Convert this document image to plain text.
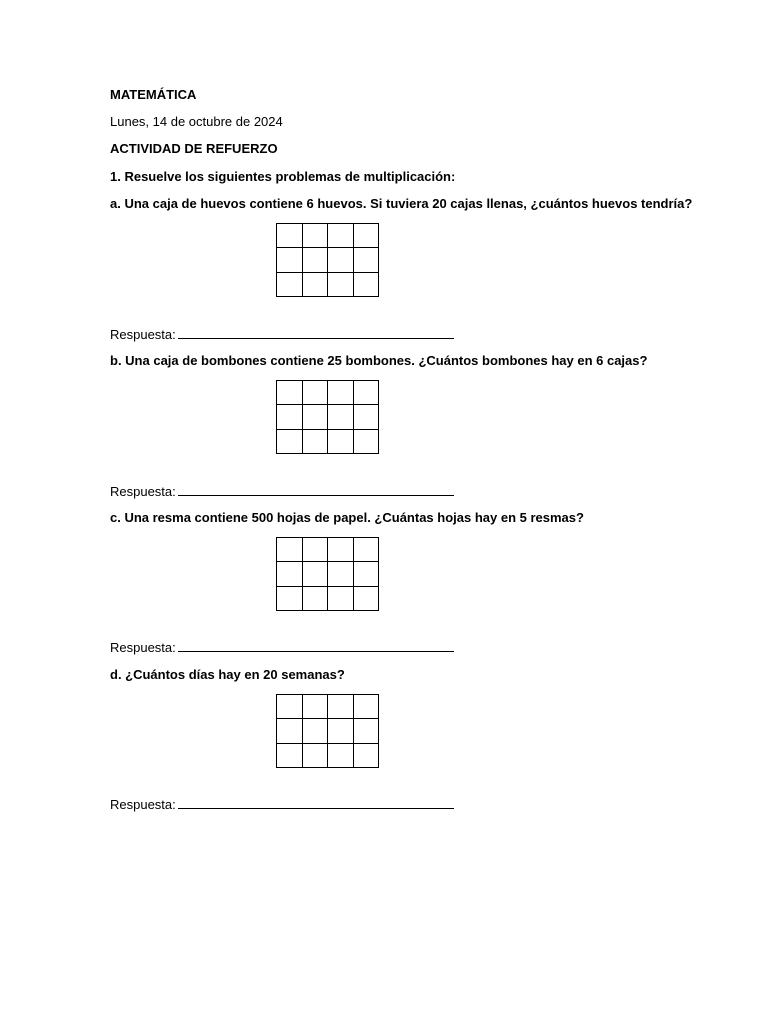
MATEMÁTICA
Lunes, 14 de octubre de 2024
ACTIVIDAD DE REFUERZO
1. Resuelve los siguientes problemas de multiplicación:
a. Una caja de huevos contiene 6 huevos. Si tuviera 20 cajas llenas, ¿cuántos huevos tendría?
Respuesta:
b. Una caja de bombones contiene 25 bombones. ¿Cuántos bombones hay en 6 cajas?
Respuesta:
c. Una resma contiene 500 hojas de papel. ¿Cuántas hojas hay en 5 resmas?
Respuesta:
d. ¿Cuántos días hay en 20 semanas?
Respuesta:
